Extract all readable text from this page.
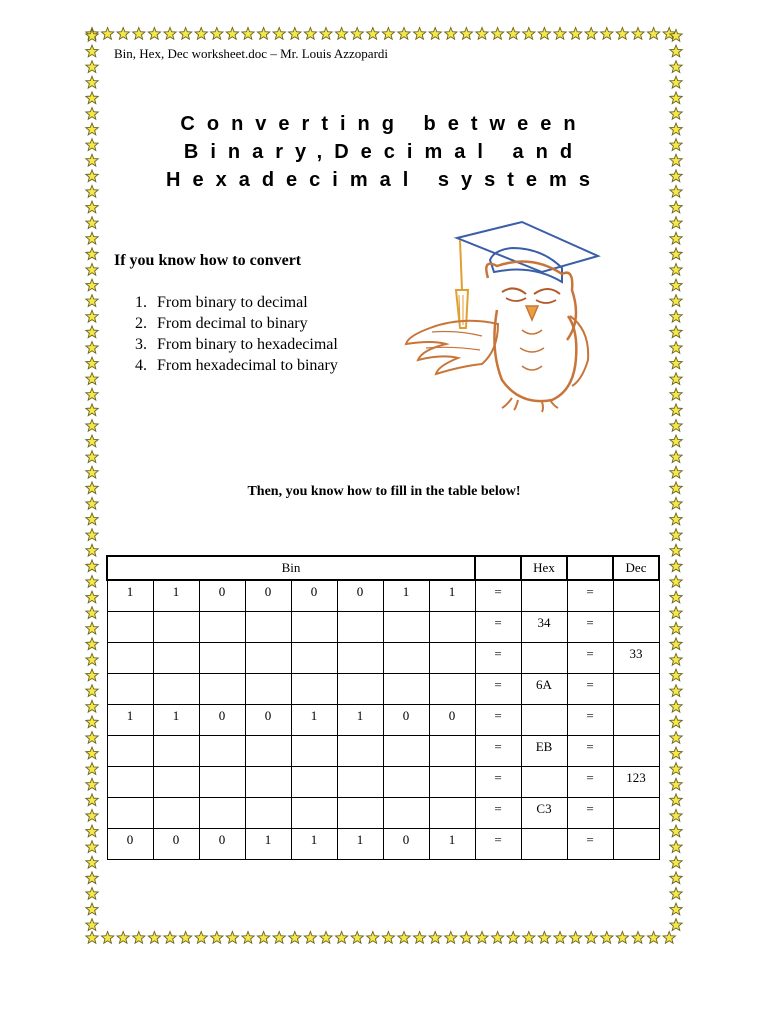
Bin, Hex, Dec worksheet.doc – Mr. Louis Azzopardi
Converting between
Binary,Decimal and
Hexadecimal systems
If you know how to convert
1. From binary to decimal
2. From decimal to binary
3. From binary to hexadecimal
4. From hexadecimal to binary
Then, you know how to fill in the table below!
Bin									Hex		Dec
1	1	0	0	0	0	1	1	=		=	
								=	34	=	
								=		=	33
								=	6A	=	
1	1	0	0	1	1	0	0	=		=	
								=	EB	=	
								=		=	123
								=	C3	=	
0	0	0	1	1	1	0	1	=		=	
